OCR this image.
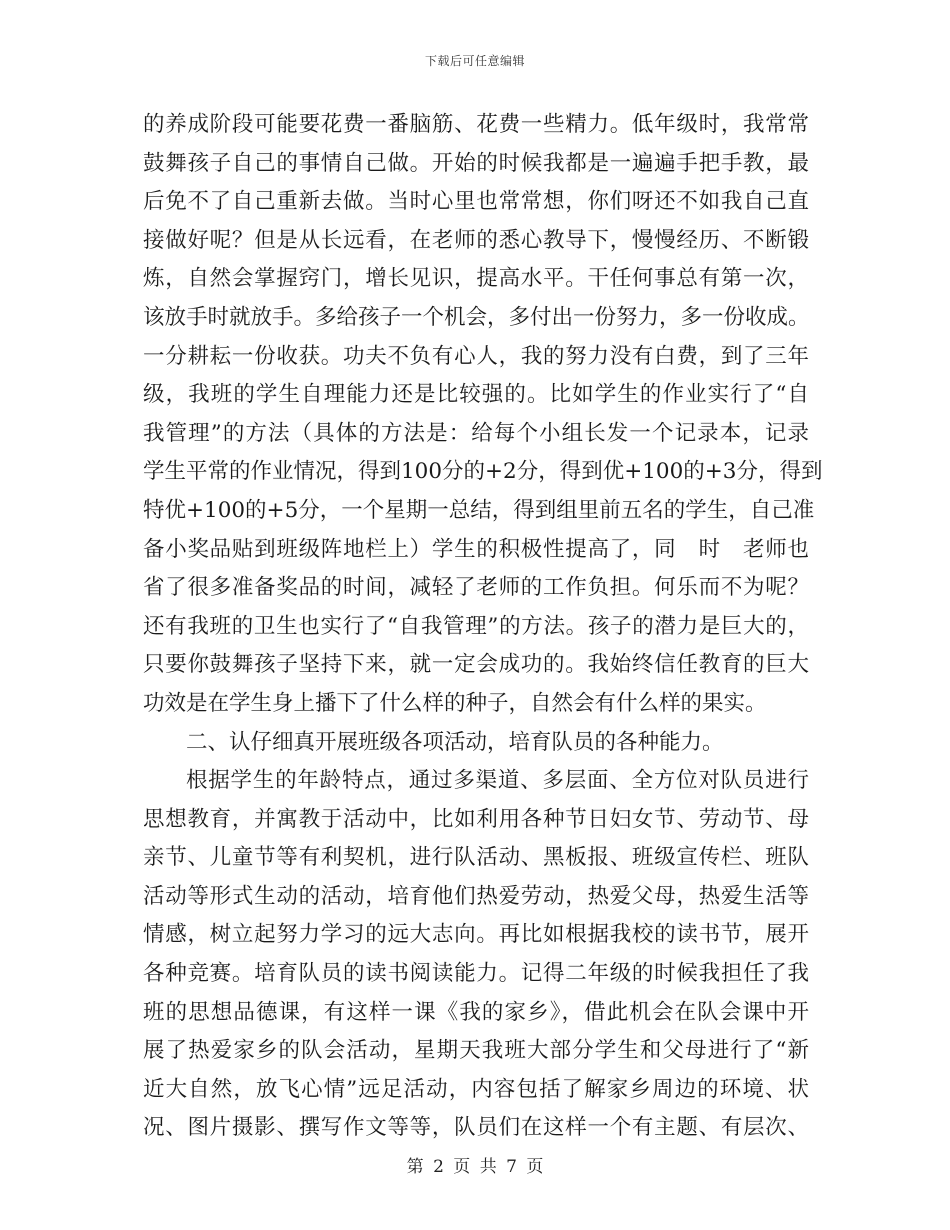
下载后可任意编辑
的养成阶段可能要花费一番脑筋、花费一些精力。低年级时，我常常
鼓舞孩子自己的事情自己做。开始的时候我都是一遍遍手把手教，最
后免不了自己重新去做。当时心里也常常想，你们呀还不如我自己直
接做好呢？但是从长远看，在老师的悉心教导下，慢慢经历、不断锻
炼，自然会掌握窍门，增长见识，提高水平。干任何事总有第一次，
该放手时就放手。多给孩子一个机会，多付出一份努力，多一份收成。
一分耕耘一份收获。功夫不负有心人，我的努力没有白费，到了三年
级，我班的学生自理能力还是比较强的。比如学生的作业实行了“自
我管理”的方法（具体的方法是：给每个小组长发一个记录本，记录
学生平常的作业情况，得到100分的+2分，得到优+100的+3分，得到
特优+100的+5分，一个星期一总结，得到组里前五名的学生，自己准
备小奖品贴到班级阵地栏上）学生的积极性提高了，同　时　老师也
省了很多准备奖品的时间，减轻了老师的工作负担。何乐而不为呢？
还有我班的卫生也实行了“自我管理”的方法。孩子的潜力是巨大的，
只要你鼓舞孩子坚持下来，就一定会成功的。我始终信任教育的巨大
功效是在学生身上播下了什么样的种子，自然会有什么样的果实。
二、认仔细真开展班级各项活动，培育队员的各种能力。
根据学生的年龄特点，通过多渠道、多层面、全方位对队员进行
思想教育，并寓教于活动中，比如利用各种节日妇女节、劳动节、母
亲节、儿童节等有利契机，进行队活动、黑板报、班级宣传栏、班队
活动等形式生动的活动，培育他们热爱劳动，热爱父母，热爱生活等
情感，树立起努力学习的远大志向。再比如根据我校的读书节，展开
各种竞赛。培育队员的读书阅读能力。记得二年级的时候我担任了我
班的思想品德课，有这样一课《我的家乡》，借此机会在队会课中开
展了热爱家乡的队会活动，星期天我班大部分学生和父母进行了“新
近大自然，放飞心情”远足活动，内容包括了解家乡周边的环境、状
况、图片摄影、撰写作文等等，队员们在这样一个有主题、有层次、
第 2 页 共 7 页
